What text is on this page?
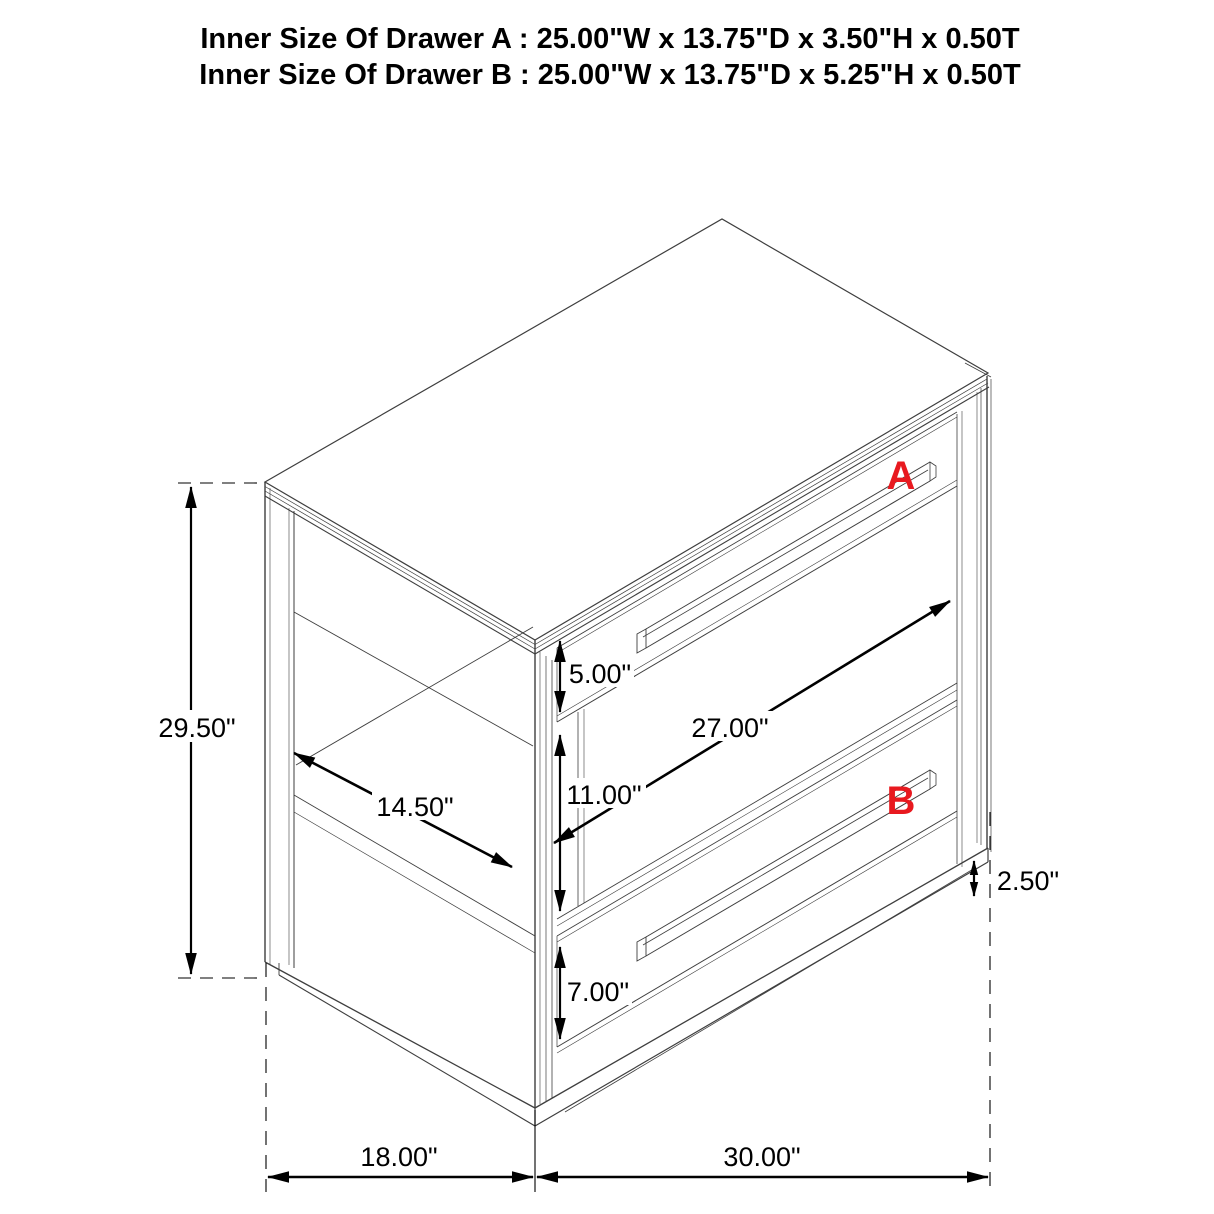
Inner Size Of Drawer A : 25.00"W x 13.75"D x 3.50"H x 0.50T
Inner Size Of Drawer B : 25.00"W x 13.75"D x 5.25"H x 0.50T
A
B
29.50"
14.50"
5.00"
27.00"
11.00"
7.00"
2.50"
18.00"	30.00"
